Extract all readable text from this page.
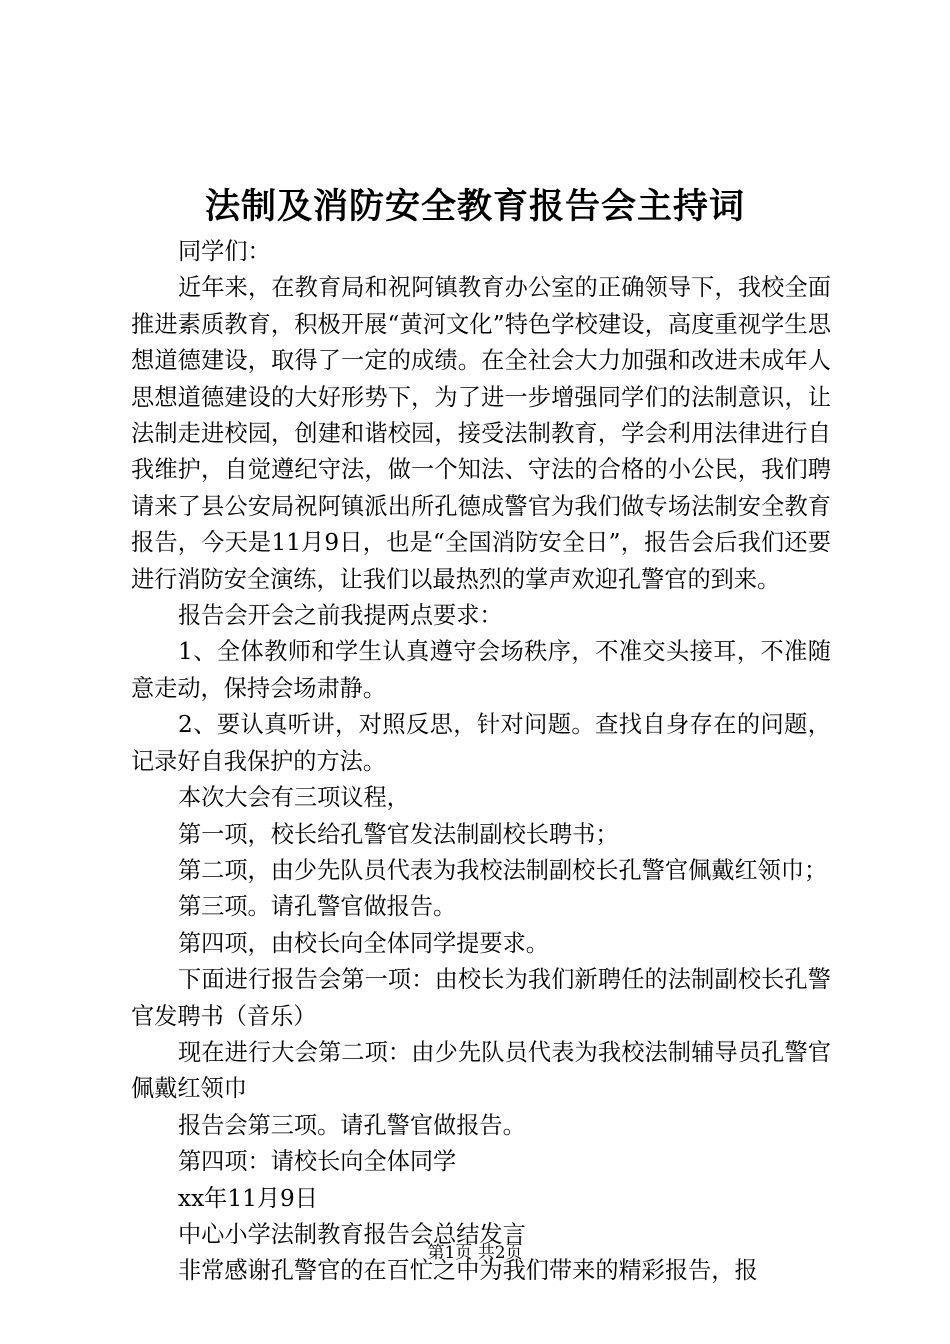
法制及消防安全教育报告会主持词

同学们：

近年来，在教育局和祝阿镇教育办公室的正确领导下，我校全面推进素质教育，积极开展“黄河文化”特色学校建设，高度重视学生思想道德建设，取得了一定的成绩。在全社会大力加强和改进未成年人思想道德建设的大好形势下，为了进一步增强同学们的法制意识，让法制走进校园，创建和谐校园，接受法制教育，学会利用法律进行自我维护，自觉遵纪守法，做一个知法、守法的合格的小公民，我们聘请来了县公安局祝阿镇派出所孔德成警官为我们做专场法制安全教育报告，今天是11月9日，也是“全国消防安全日”，报告会后我们还要进行消防安全演练，让我们以最热烈的掌声欢迎孔警官的到来。

报告会开会之前我提两点要求：

1、全体教师和学生认真遵守会场秩序，不准交头接耳，不准随意走动，保持会场肃静。

2、要认真听讲，对照反思，针对问题。查找自身存在的问题，记录好自我保护的方法。

本次大会有三项议程，

第一项，校长给孔警官发法制副校长聘书；

第二项，由少先队员代表为我校法制副校长孔警官佩戴红领巾；

第三项。请孔警官做报告。

第四项，由校长向全体同学提要求。

下面进行报告会第一项：由校长为我们新聘任的法制副校长孔警官发聘书（音乐）

现在进行大会第二项：由少先队员代表为我校法制辅导员孔警官佩戴红领巾

报告会第三项。请孔警官做报告。

第四项：请校长向全体同学

xx年11月9日

中心小学法制教育报告会总结发言

非常感谢孔警官的在百忙之中为我们带来的精彩报告，报

第1页 共2页
